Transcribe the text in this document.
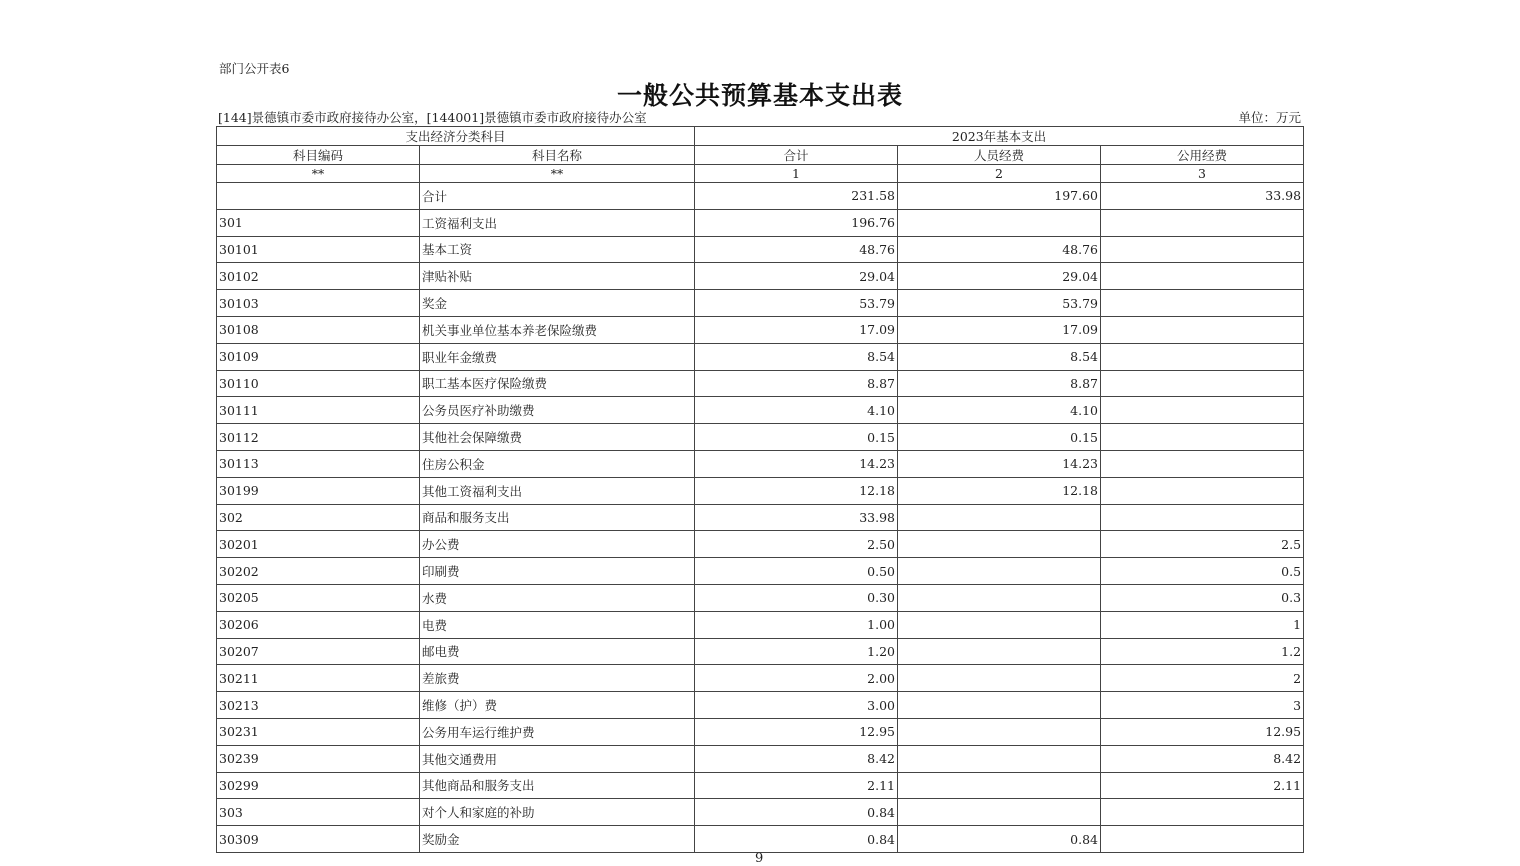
部门公开表6
一般公共预算基本支出表
[144]景德镇市委市政府接待办公室，[144001]景德镇市委市政府接待办公室	单位：万元
支出经济分类科目		2023年基本支出		
科目编码	科目名称	合计	人员经费	公用经费
**	**	1	2	3
	合计	231.58	197.60	33.98
301	工资福利支出	196.76		
30101	基本工资	48.76	48.76	
30102	津贴补贴	29.04	29.04	
30103	奖金	53.79	53.79	
30108	机关事业单位基本养老保险缴费	17.09	17.09	
30109	职业年金缴费	8.54	8.54	
30110	职工基本医疗保险缴费	8.87	8.87	
30111	公务员医疗补助缴费	4.10	4.10	
30112	其他社会保障缴费	0.15	0.15	
30113	住房公积金	14.23	14.23	
30199	其他工资福利支出	12.18	12.18	
302	商品和服务支出	33.98		
30201	办公费	2.50		2.5
30202	印刷费	0.50		0.5
30205	水费	0.30		0.3
30206	电费	1.00		1
30207	邮电费	1.20		1.2
30211	差旅费	2.00		2
30213	维修（护）费	3.00		3
30231	公务用车运行维护费	12.95		12.95
30239	其他交通费用	8.42		8.42
30299	其他商品和服务支出	2.11		2.11
303	对个人和家庭的补助	0.84		
30309	奖励金	0.84	0.84	
9
